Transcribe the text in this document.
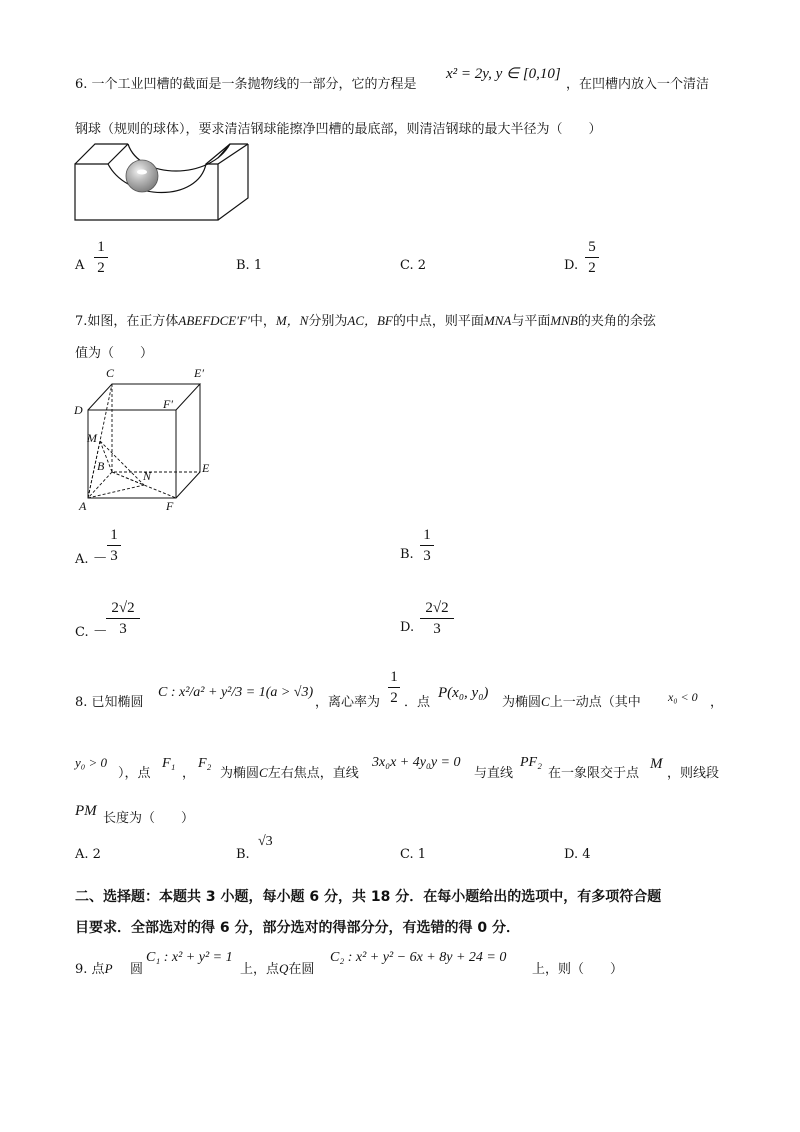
6. 一个工业凹槽的截面是一条抛物线的一部分，它的方程是
x² = 2y, y ∈ [0,10]
，在凹槽内放入一个清洁
钢球（规则的球体），要求清洁钢球能擦净凹槽的最底部，则清洁钢球的最大半径为（　　）
A
1
2	B. 1	C. 2	D.
5
2
7.如图，在正方体ABEFDCE′F′中，M，N分别为AC，BF的中点，则平面MNA与平面MNB的夹角的余弦
值为（　　）
C	E′
D	F′
M
B	E
N
A	F
A. －
1
3	B.
1
3
C. －
2√2
3	D.
2√2
3
8. 已知椭圆
C : x²/a² + y²/3 = 1(a > √3)
，离心率为
1
2 ．点
P(x₀, y₀)
为椭圆C上一动点（其中 x₀ < 0 ，
y₀ > 0
），点
F₁
，
F₂
为椭圆C左右焦点，直线
3x₀x + 4y₀y = 0
与直线
PF₂
在一象限交于点
M
，则线段
PM 长度为（　　）
A. 2	B.
√3
C. 1	D. 4
二、选择题：本题共 3 小题，每小题 6 分，共 18 分．在每小题给出的选项中，有多项符合题
目要求．全部选对的得 6 分，部分选对的得部分分，有选错的得 0 分．
9. 点P 圆
C₁ : x² + y² = 1
上，点Q在圆
C₂ : x² + y² − 6x + 8y + 24 = 0
上，则（　　）
